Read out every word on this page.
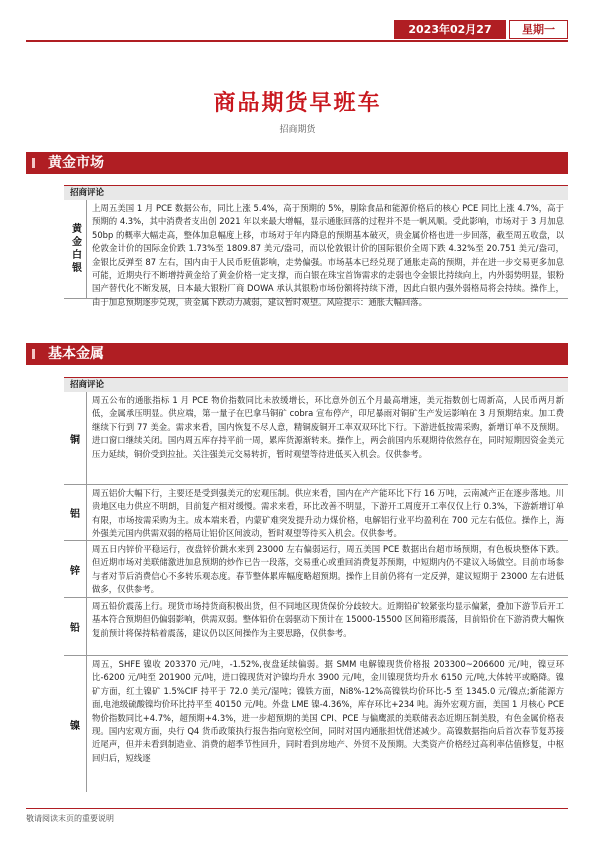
2023年02月27日
星期一
商品期货早班车
招商期货
黄金市场
招商评论
黄金白银
上周五美国 1 月 PCE 数据公布，同比上涨 5.4%，高于预期的 5%，剔除食品和能源价格后的核心 PCE 同比上涨 4.7%，高于预期的 4.3%，其中消费者支出创 2021 年以来最大增幅，显示通胀回落的过程并不是一帆风顺。受此影响，市场对于 3 月加息 50bp 的概率大幅走高，整体加息幅度上移，市场对于年内降息的预期基本破灭，贵金属价格也进一步回落，截至周五收盘，以伦敦金计价的国际金价跌 1.73%至 1809.87 美元/盎司，而以伦敦银计价的国际银价全周下跌 4.32%至 20.751 美元/盎司，金银比反弹至 87 左右，国内由于人民币贬值影响，走势偏强。市场基本已经兑现了通胀走高的预期，并在进一步交易更多加息可能，近期央行不断增持黄金给了黄金价格一定支撑，而白银在珠宝首饰需求的走弱也令金银比持续向上，内外弱势明显，银粉国产替代化不断发展，日本最大银粉厂商 DOWA 承认其银粉市场份额将持续下滑，因此白银内强外弱格局将会持续。操作上，由于加息预期逐步兑现，贵金属下跌动力减弱，建议暂时观望。风险提示：通胀大幅回落。
基本金属
招商评论
铜
周五公布的通胀指标 1 月 PCE 物价指数同比未放缓增长，环比意外创五个月最高增速，美元指数创七周新高，人民币两月新低，金属承压明显。供应端，第一量子在巴拿马铜矿 cobra 宣布停产，印尼暴雨对铜矿生产发运影响在 3 月预期结束。加工费继续下行到 77 美金。需求来看，国内恢复不尽人意，精铜废铜开工率双双环比下行。下游进低按需采购，新增订单不及预期。进口窗口继续关闭。国内周五库存持平前一周，累库货源渐转来。操作上，两会前国内乐观期待依然存在，同时短期因资金美元压力延续，铜价受到拉扯。关注强美元交易转折，暂时观望等待进低买入机会。仅供参考。
铝
周五铝价大幅下行，主要还是受到强美元的宏观压制。供应来看，国内在产产能环比下行 16 万吨，云南减产正在逐步落地。川贵地区电力供应不明朗，目前复产相对缓慢。需求来看，环比改善不明显，下游开工周度开工率仅仅上行 0.3%，下游新增订单有限，市场按需采购为主。成本端来看，内蒙矿难突发提升动力煤价格，电解铝行业平均盈利在 700 元左右低位。操作上，海外强美元国内供需双弱的格局让铝价区间波动，暂时观望等待买入机会。仅供参考。
锌
周五日内锌价平稳运行，夜盘锌价跳水来到 23000 左右偏弱运行，周五美国 PCE 数据出台超市场预期，有色板块整体下跌。但近期市场对美联储激进加息预期的炒作已告一段落，交易重心或重回消费复苏预期，中短期内仍不建议入场做空。目前市场参与者对节后消费信心不多转乐观态度。春节整体累库幅度略超预期。操作上目前仍将有一定反弹，建议短期于 23000 左右进低做多，仅供参考。
铅
周五铅价震荡上行。现货市场持货商积极出货，但不同地区现货保价分歧较大。近期铅矿较紧张均显示偏紧，叠加下游节后开工基本符合预期但仍偏弱影响，供需双弱。整体铅价在弱驱动下预计在 15000-15500 区间箱形震荡，目前铅价在下游消费大幅恢复前预计将保持粘着震荡，建议仍以区间操作为主要思路，仅供参考。
镍
周五，SHFE 镍收 203370 元/吨，-1.52%,夜盘延续偏弱。据 SMM 电解镍现货价格报 203300~206600 元/吨，镍豆环比-6200 元/吨至 201900 元/吨，进口镍现货对沪镍均升水 3900 元/吨，金川镍现货均升水 6150 元/吨,大体转平或略降。镍矿方面，红土镍矿 1.5%CIF 持平于 72.0 美元/湿吨；镍铁方面，Ni8%-12%高镍铁均价环比-5 至 1345.0 元/镍点;新能源方面,电池级硫酸镍均价环比持平至 40150 元/吨。外盘 LME 镍-4.36%，库存环比+234 吨。海外宏观方面，美国 1 月核心 PCE 物价指数同比+4.7%，超预期+4.3%，进一步超预期的美国 CPI、PCE 与偏鹰派的美联储表态近期压制美股，有色金属价格表现。国内宏观方面，央行 Q4 货币政策执行报告指向宽松空间，同时对国内通胀担忧借述减少。高镍数据指向后首次春节复苏接近尾声，但并未看到制造业、消费的超季节性回升，同时看到房地产、外贸不及预期。大类资产价格经过高利率估值修复，中枢回归后，短线逐
敬请阅读末页的重要说明
